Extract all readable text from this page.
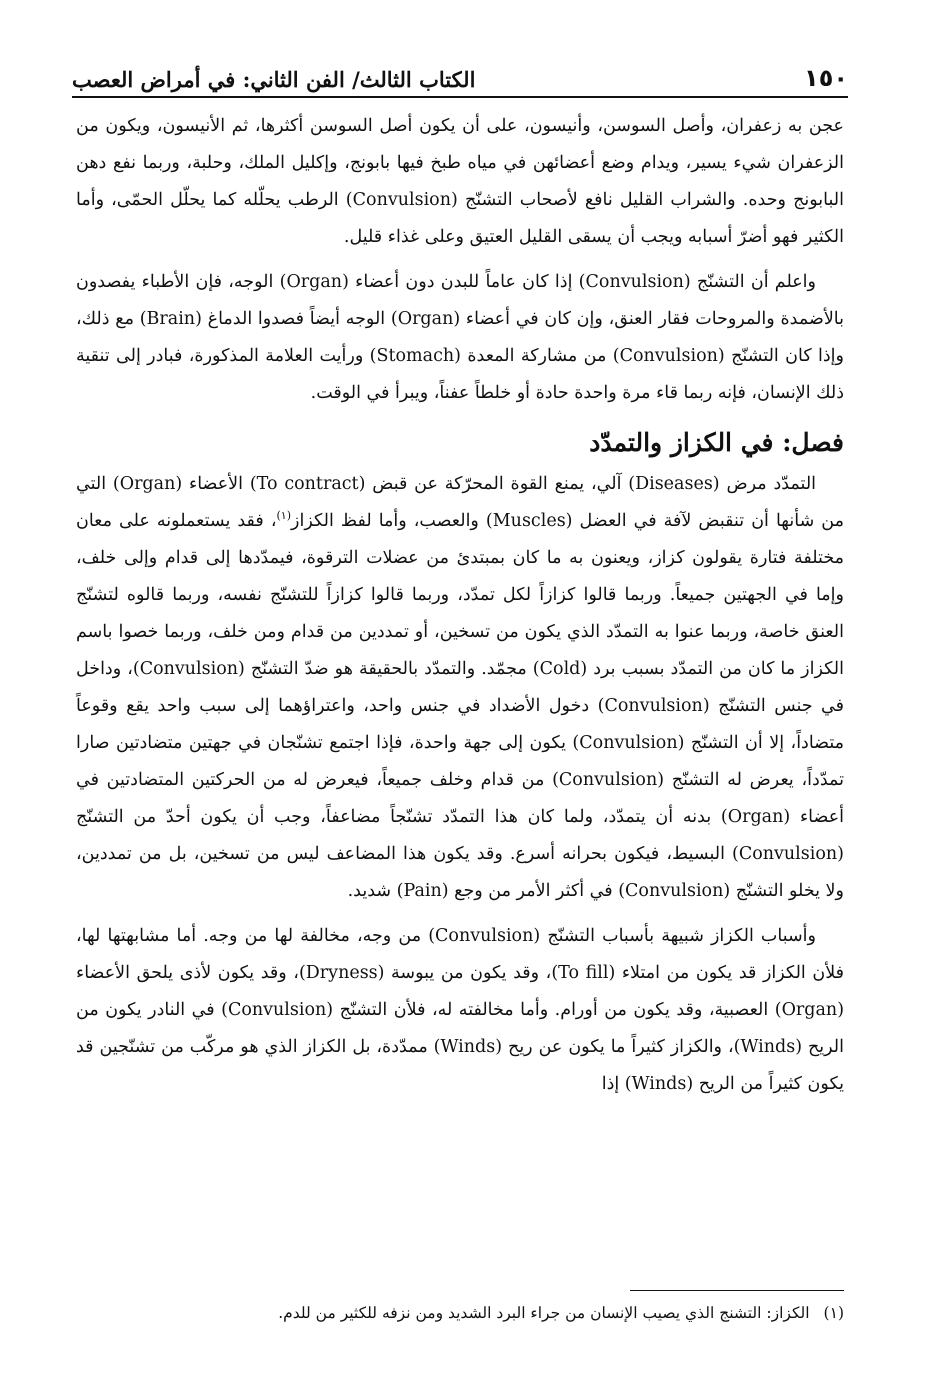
١٥٠
الكتاب الثالث/ الفن الثاني: في أمراض العصب

عجن به زعفران، وأصل السوسن، وأنيسون، على أن يكون أصل السوسن أكثرها، ثم الأنيسون، ويكون من الزعفران شيء يسير، ويدام وضع أعضائهن في مياه طبخ فيها بابونج، وإكليل الملك، وحلبة، وربما نفع دهن البابونج وحده. والشراب القليل نافع لأصحاب التشنّج (Convulsion) الرطب يحلّله كما يحلّل الحمّى، وأما الكثير فهو أضرّ أسبابه ويجب أن يسقى القليل العتيق وعلى غذاء قليل.

واعلم أن التشنّج (Convulsion) إذا كان عاماً للبدن دون أعضاء (Organ) الوجه، فإن الأطباء يفصدون بالأضمدة والمروحات فقار العنق، وإن كان في أعضاء (Organ) الوجه أيضاً فصدوا الدماغ (Brain) مع ذلك، وإذا كان التشنّج (Convulsion) من مشاركة المعدة (Stomach) ورأيت العلامة المذكورة، فبادر إلى تنقية ذلك الإنسان، فإنه ربما قاء مرة واحدة حادة أو خلطاً عفناً، ويبرأ في الوقت.

فصل: في الكزاز والتمدّد

التمدّد مرض (Diseases) آلي، يمنع القوة المحرّكة عن قبض (To contract) الأعضاء (Organ) التي من شأنها أن تنقبض لآفة في العضل (Muscles) والعصب، وأما لفظ الكزاز$^{(١)}$، فقد يستعملونه على معان مختلفة فتارة يقولون كزاز، ويعنون به ما كان بمبتدئ من عضلات الترقوة، فيمدّدها إلى قدام وإلى خلف، وإما في الجهتين جميعاً. وربما قالوا كزازاً لكل تمدّد، وربما قالوا كزازاً للتشنّج نفسه، وربما قالوه لتشنّج العنق خاصة، وربما عنوا به التمدّد الذي يكون من تسخين، أو تمددين من قدام ومن خلف، وربما خصوا باسم الكزاز ما كان من التمدّد بسبب برد (Cold) مجمّد. والتمدّد بالحقيقة هو ضدّ التشنّج (Convulsion)، وداخل في جنس التشنّج (Convulsion) دخول الأضداد في جنس واحد، واعتراؤهما إلى سبب واحد يقع وقوعاً متضاداً، إلا أن التشنّج (Convulsion) يكون إلى جهة واحدة، فإذا اجتمع تشنّجان في جهتين متضادتين صارا تمدّداً، يعرض له التشنّج (Convulsion) من قدام وخلف جميعاً، فيعرض له من الحركتين المتضادتين في أعضاء (Organ) بدنه أن يتمدّد، ولما كان هذا التمدّد تشنّجاً مضاعفاً، وجب أن يكون أحدّ من التشنّج (Convulsion) البسيط، فيكون بحرانه أسرع. وقد يكون هذا المضاعف ليس من تسخين، بل من تمددين، ولا يخلو التشنّج (Convulsion) في أكثر الأمر من وجع (Pain) شديد.

وأسباب الكزاز شبيهة بأسباب التشنّج (Convulsion) من وجه، مخالفة لها من وجه. أما مشابهتها لها، فلأن الكزاز قد يكون من امتلاء (To fill)، وقد يكون من يبوسة (Dryness)، وقد يكون لأذى يلحق الأعضاء (Organ) العصبية، وقد يكون من أورام. وأما مخالفته له، فلأن التشنّج (Convulsion) في النادر يكون من الريح (Winds)، والكزاز كثيراً ما يكون عن ريح (Winds) ممدّدة، بل الكزاز الذي هو مركّب من تشنّجين قد يكون كثيراً من الريح (Winds) إذا

(١)الكزاز: التشنج الذي يصيب الإنسان من جراء البرد الشديد ومن نزفه للكثير من للدم.
